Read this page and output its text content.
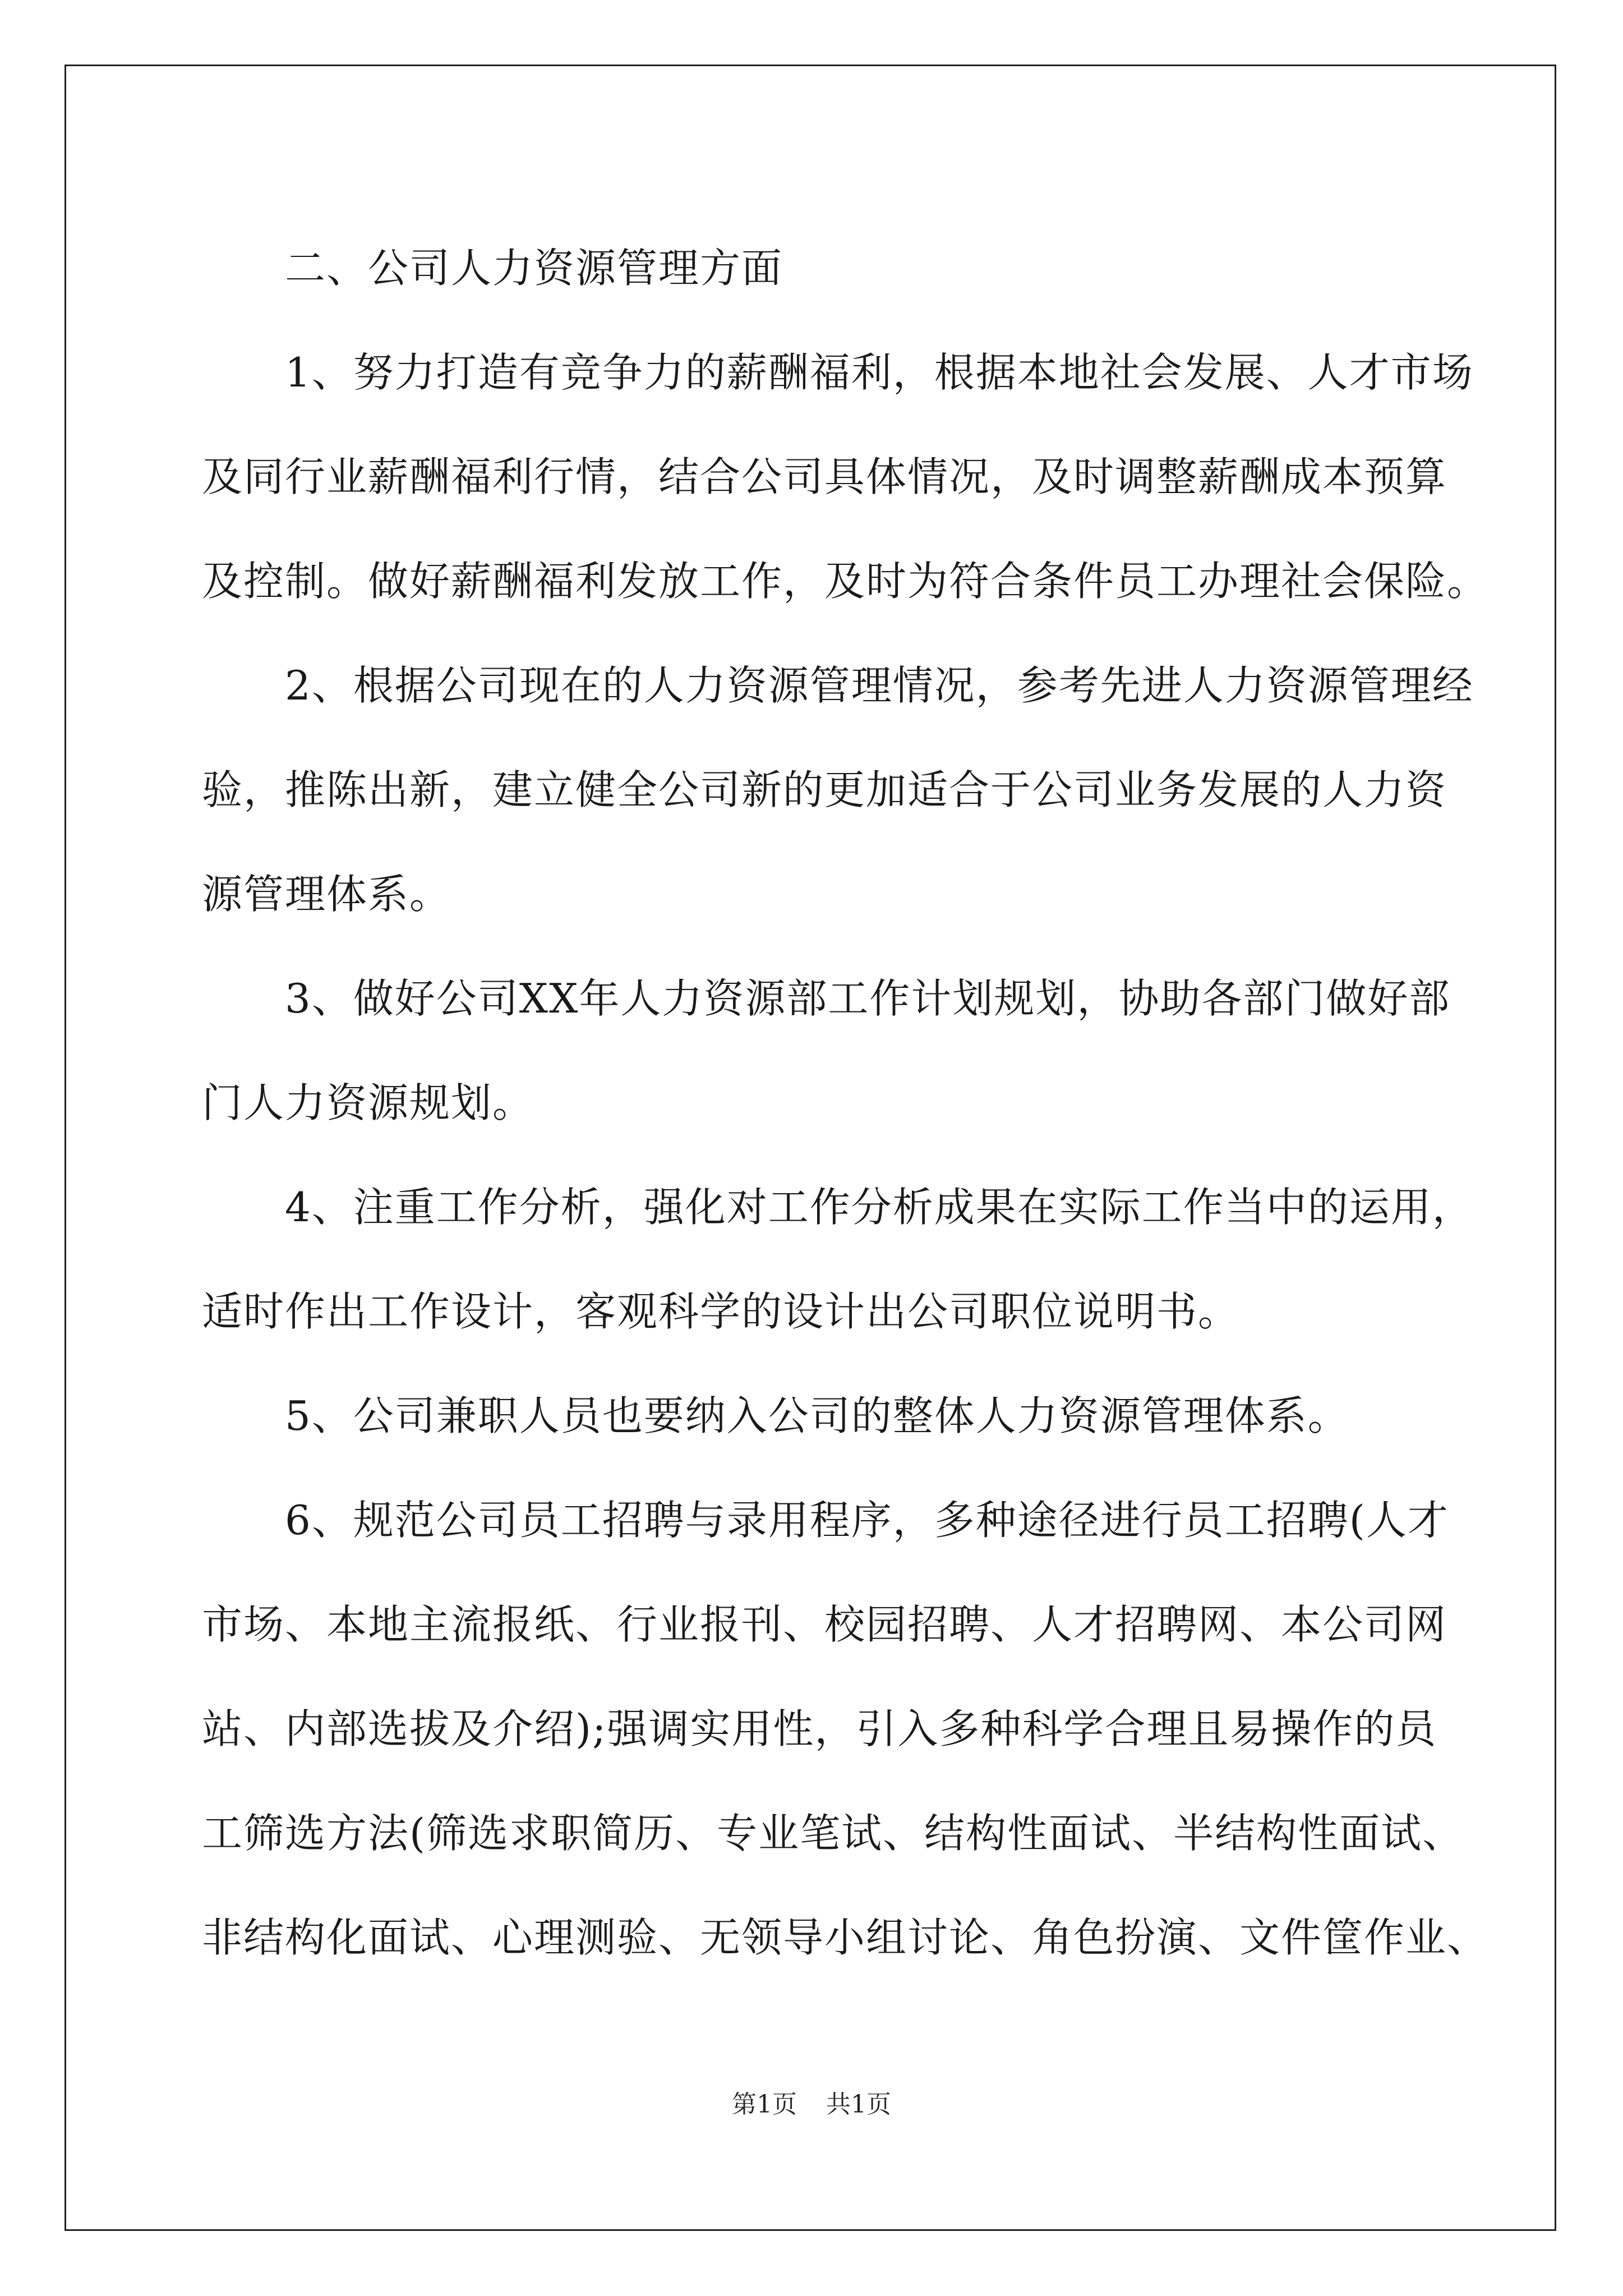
二、公司人力资源管理方面
1、努力打造有竞争力的薪酬福利，根据本地社会发展、人才市场
及同行业薪酬福利行情，结合公司具体情况，及时调整薪酬成本预算
及控制。做好薪酬福利发放工作，及时为符合条件员工办理社会保险。
2、根据公司现在的人力资源管理情况，参考先进人力资源管理经
验，推陈出新，建立健全公司新的更加适合于公司业务发展的人力资
源管理体系。
3、做好公司XX年人力资源部工作计划规划，协助各部门做好部
门人力资源规划。
4、注重工作分析，强化对工作分析成果在实际工作当中的运用，
适时作出工作设计，客观科学的设计出公司职位说明书。
5、公司兼职人员也要纳入公司的整体人力资源管理体系。
6、规范公司员工招聘与录用程序，多种途径进行员工招聘(人才
市场、本地主流报纸、行业报刊、校园招聘、人才招聘网、本公司网
站、内部选拔及介绍);强调实用性，引入多种科学合理且易操作的员
工筛选方法(筛选求职简历、专业笔试、结构性面试、半结构性面试、
非结构化面试、心理测验、无领导小组讨论、角色扮演、文件筐作业、
第1页 共1页
